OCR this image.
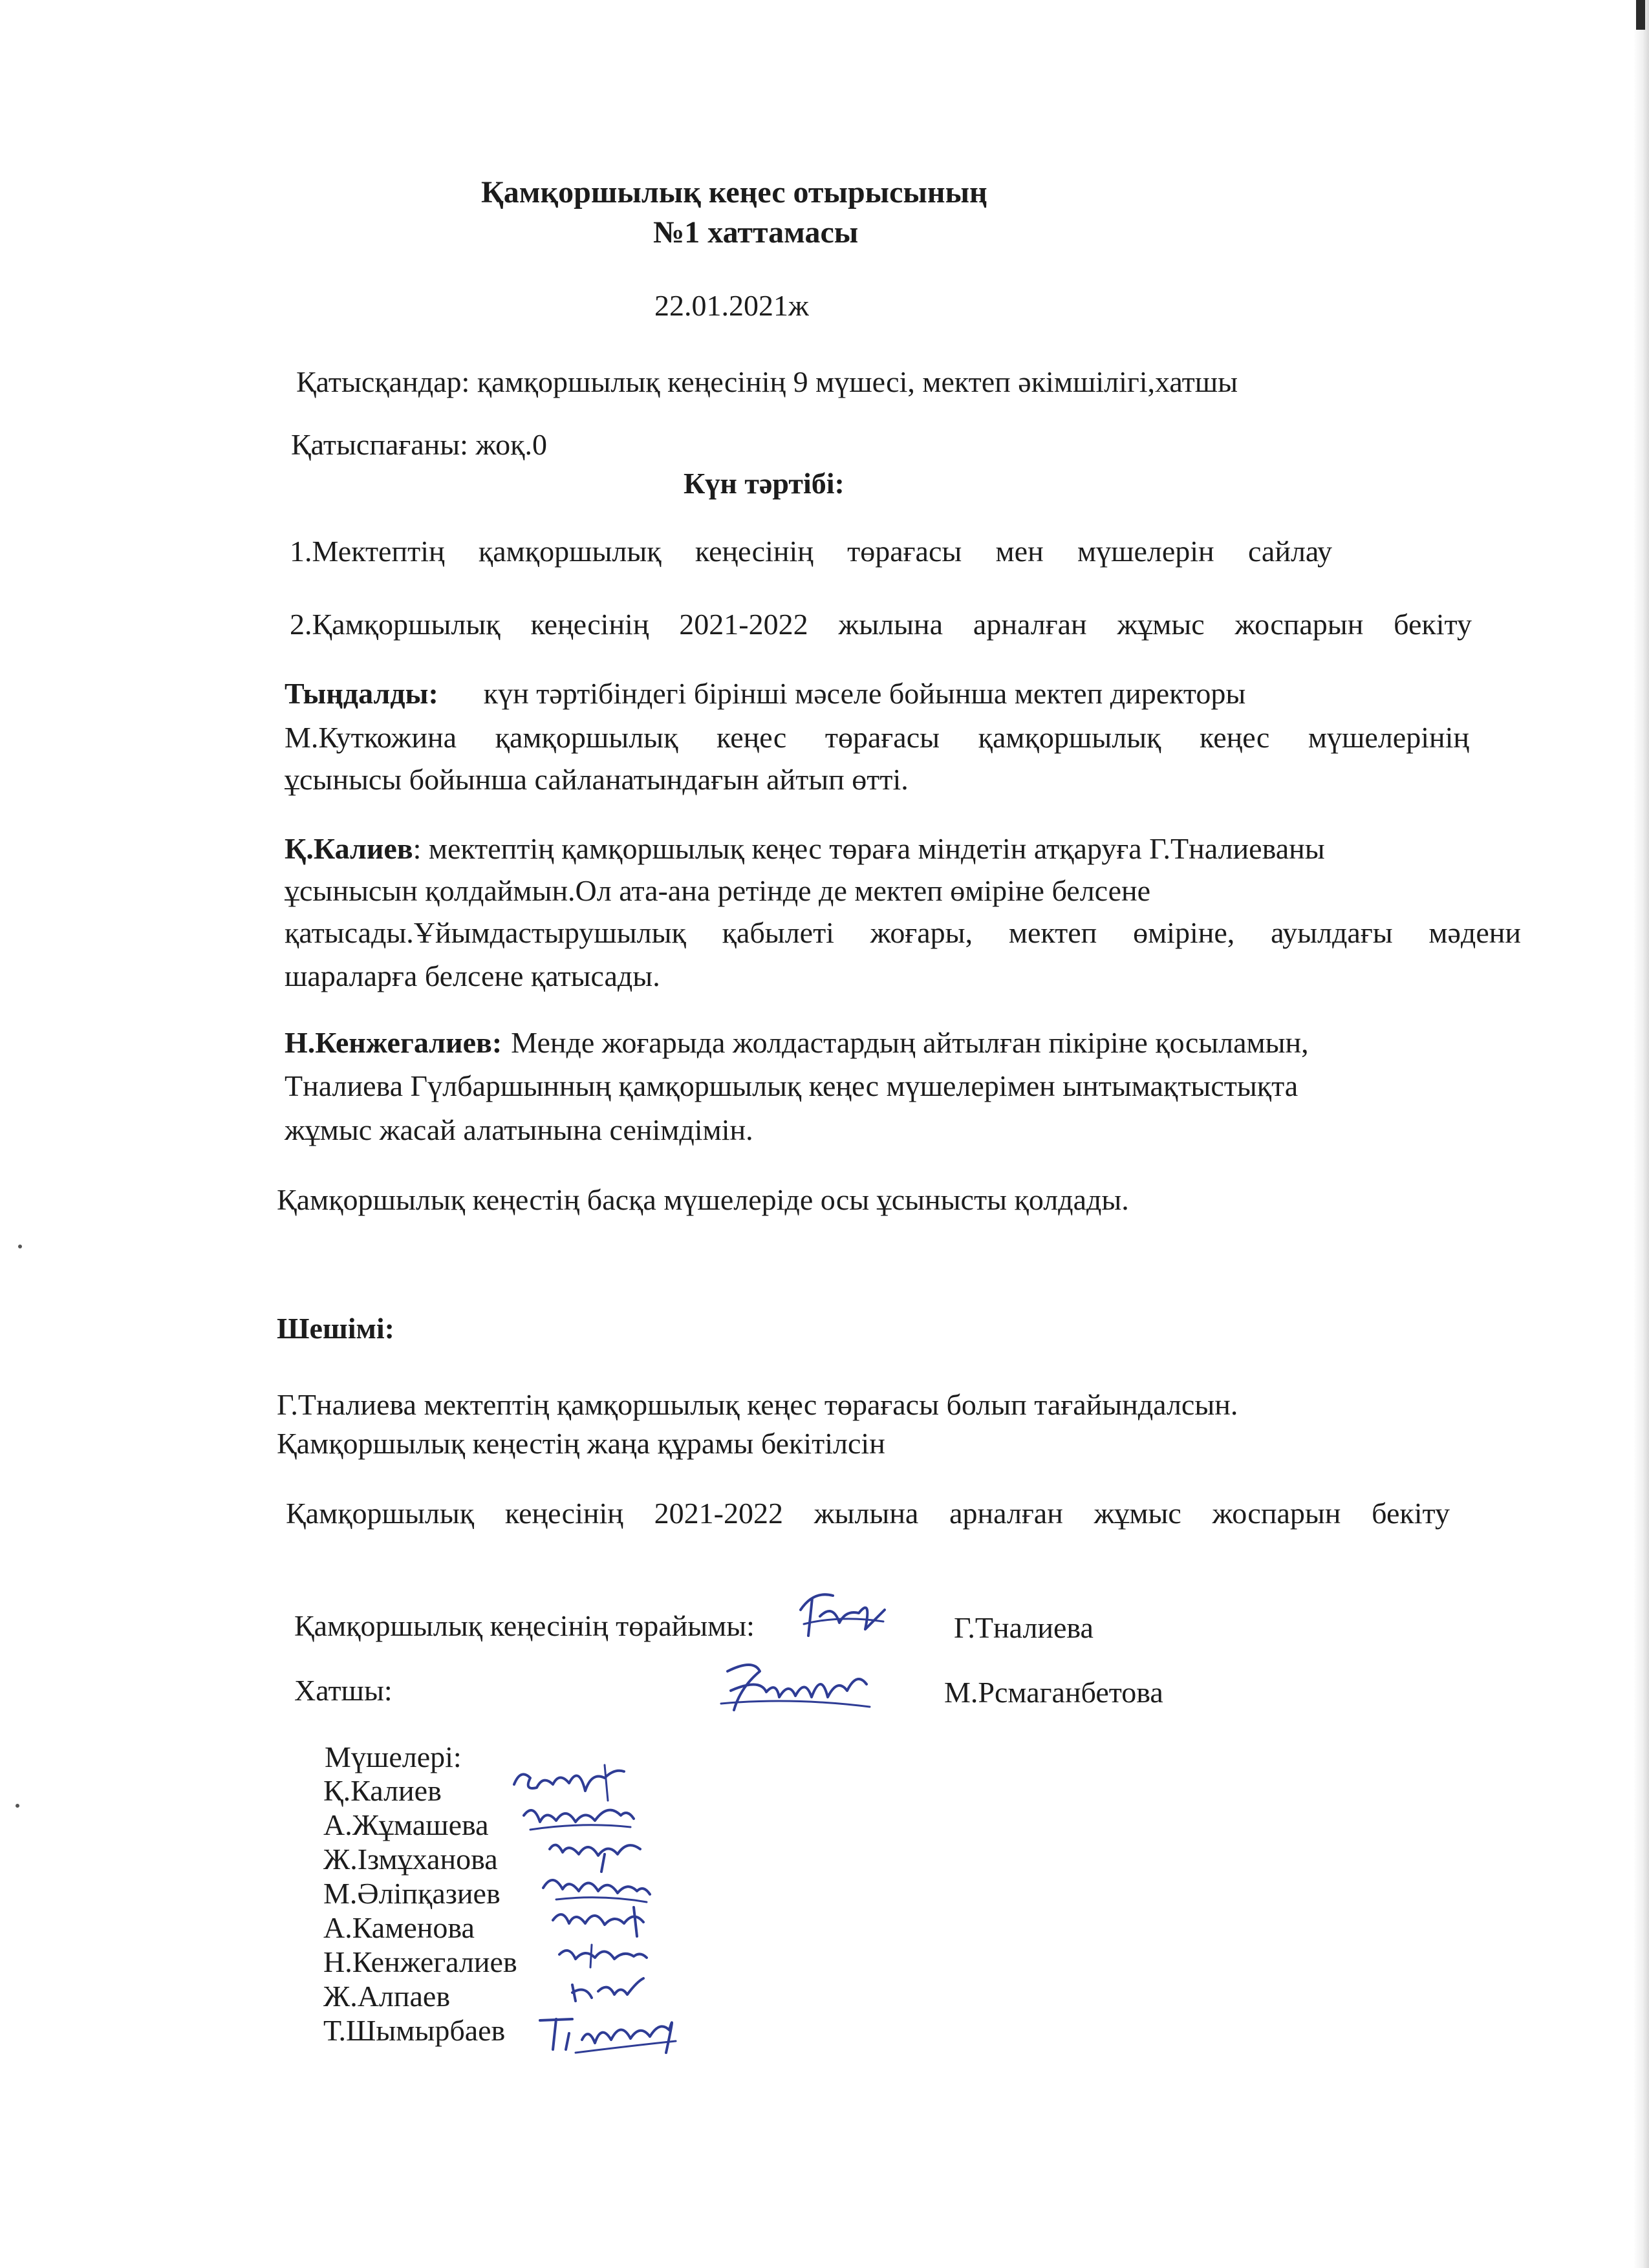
Қамқоршылық кеңес отырысының
№1 хаттамасы
22.01.2021ж
Қатысқандар: қамқоршылық кеңесінің 9 мүшесі, мектеп әкімшілігі,хатшы
Қатыспағаны: жоқ.0
Күн тәртібі:
1.Мектептің қамқоршылық кеңесінің төрағасы мен мүшелерін сайлау
2.Қамқоршылық кеңесінің 2021-2022 жылына арналған жұмыс жоспарын бекіту
Тыңдалды: күн тәртібіндегі бірінші мәселе бойынша мектеп директоры
М.Куткожина қамқоршылық кеңес төрағасы қамқоршылық кеңес мүшелерінің
ұсынысы бойынша сайланатындағын айтып өтті.
Қ.Калиев: мектептің қамқоршылық кеңес төраға міндетін атқаруға Г.Тналиеваны
ұсынысын қолдаймын.Ол ата-ана ретінде де мектеп өміріне белсене
қатысады.Ұйымдастырушылық қабылеті жоғары, мектеп өміріне, ауылдағы мәдени
шараларға белсене қатысады.
Н.Кенжегалиев: Менде жоғарыда жолдастардың айтылған пікіріне қосыламын,
Тналиева Гүлбаршынның қамқоршылық кеңес мүшелерімен ынтымақтыстықта
жұмыс жасай алатынына сенімдімін.
Қамқоршылық кеңестің басқа мүшелеріде осы ұсынысты қолдады.
Шешімі:
Г.Тналиева мектептің қамқоршылық кеңес төрағасы болып тағайындалсын.
Қамқоршылық кеңестің жаңа құрамы бекітілсін
Қамқоршылық кеңесінің 2021-2022 жылына арналған жұмыс жоспарын бекіту
Қамқоршылық кеңесінің төрайымы:	Г.Тналиева
Хатшы:	М.Рсмаганбетова
Мүшелері:
Қ.Калиев
А.Жұмашева
Ж.Ізмұханова
М.Әліпқазиев
А.Каменова
Н.Кенжегалиев
Ж.Алпаев
Т.Шымырбаев
